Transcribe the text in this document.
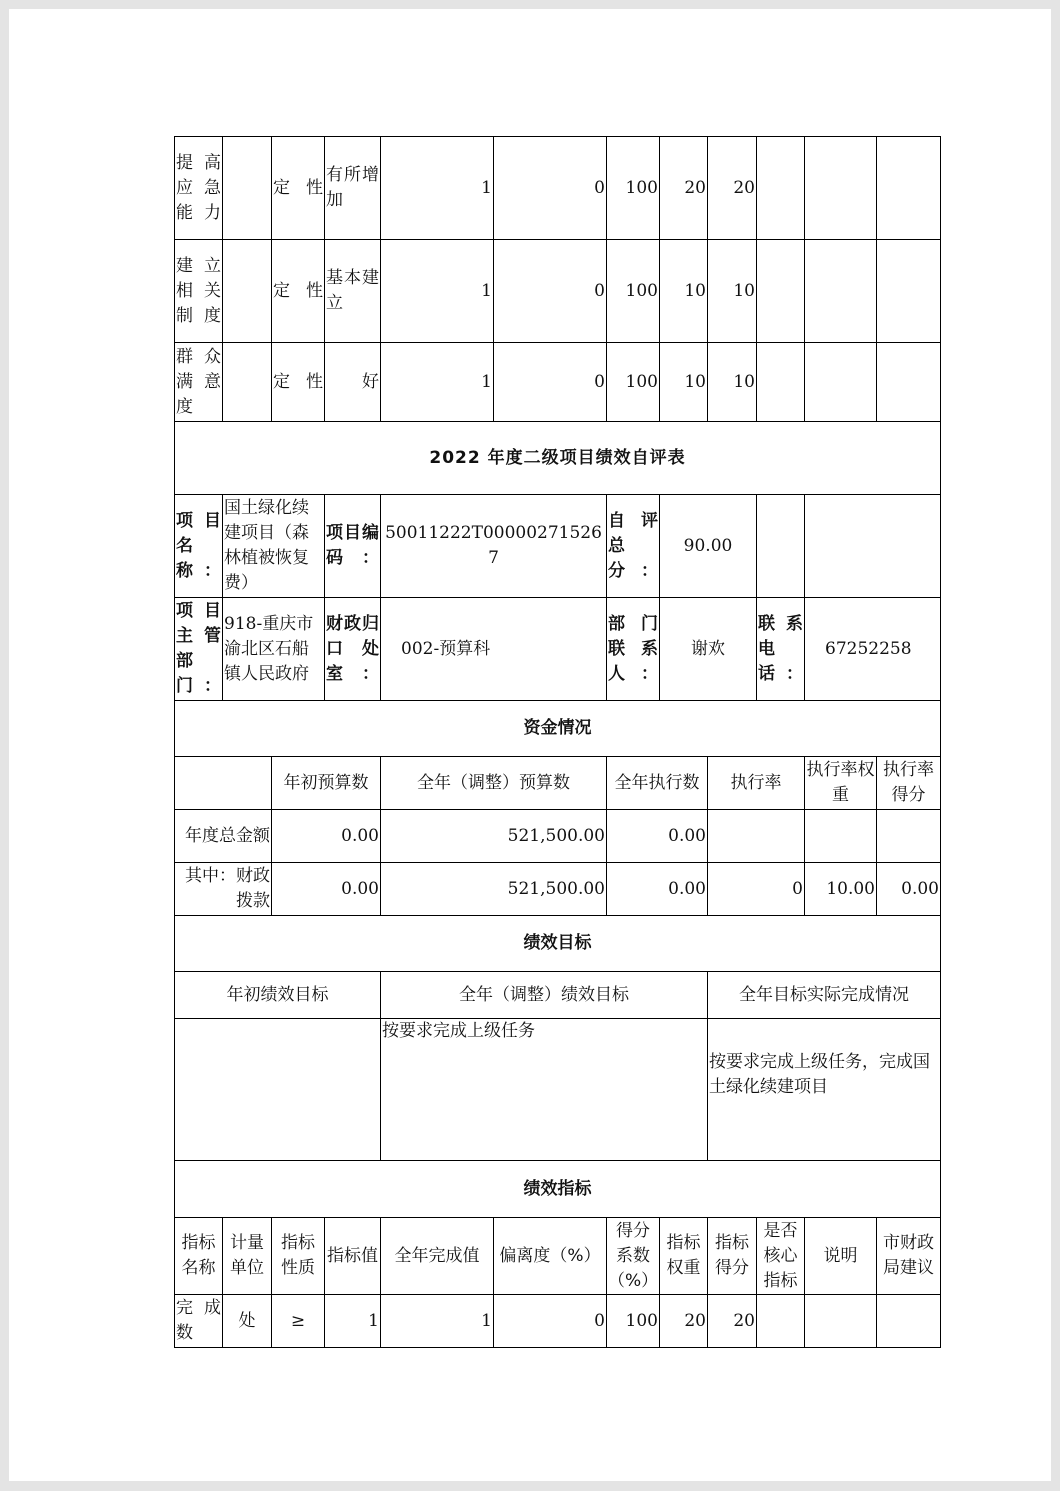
提高应急能力		定性	有所增加	1	0	100	20	20			
建立相关制度		定性	基本建立	1	0	100	10	10			
群众满意度		定性	好	1	0	100	10	10			
2022 年度二级项目绩效自评表											
项目名称：	国土绿化续建项目（森林植被恢复费）		项目编码：	50011222T000002715267		自评总分：	90.00				
项目主管部门：	918-重庆市渝北区石船镇人民政府		财政归口处室：	002-预算科		部门联系人：	谢欢		联系电话：	67252258	
资金情况											
		年初预算数		全年（调整）预算数		全年执行数		执行率		执行率权重	执行率得分
年度总金额		0.00		521,500.00		0.00					
其中：财政拨款		0.00		521,500.00		0.00		0		10.00	0.00
绩效目标											
年初绩效目标				全年（调整）绩效目标				全年目标实际完成情况			
				按要求完成上级任务				按要求完成上级任务，完成国土绿化续建项目			
绩效指标											
指标名称	计量单位	指标性质	指标值	全年完成值	偏离度（%）	得分系数（%）	指标权重	指标得分	是否核心指标	说明	市财政局建议
完成数	处	≥	1	1	0	100	20	20			
